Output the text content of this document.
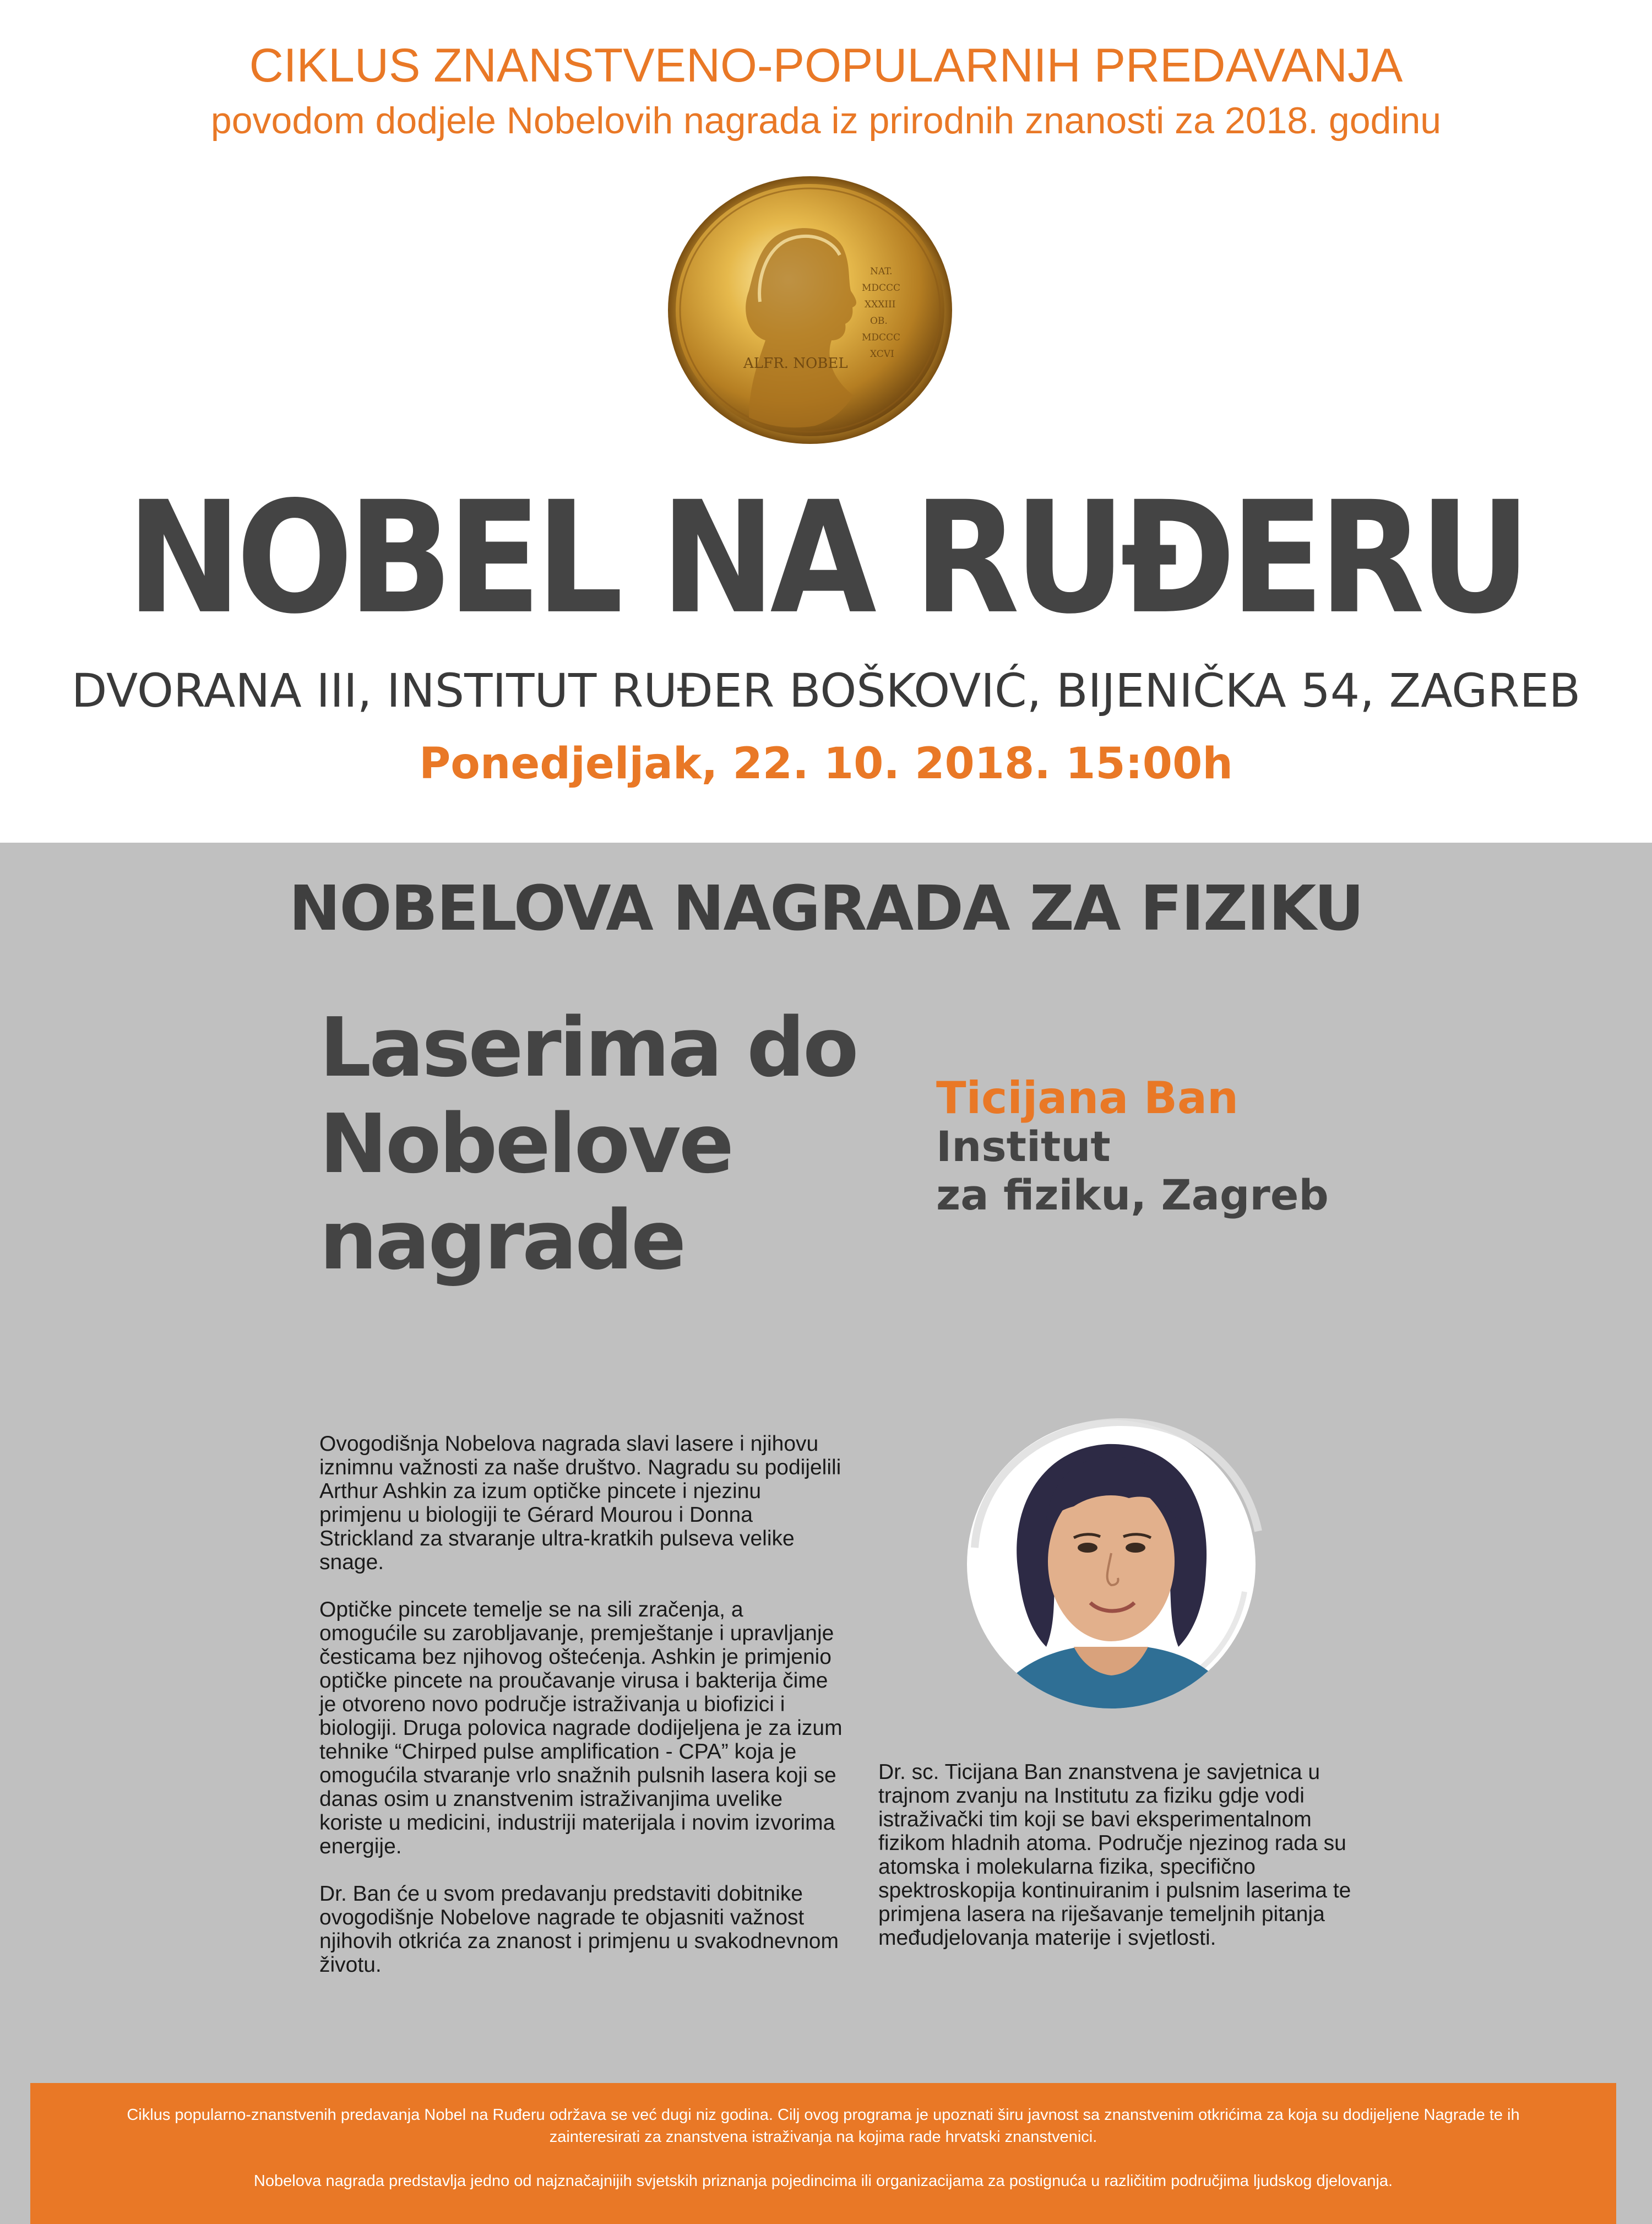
CIKLUS ZNANSTVENO-POPULARNIH PREDAVANJA
povodom dodjele Nobelovih nagrada iz prirodnih znanosti za 2018. godinu
ALFR. NOBEL
NAT. MDCCC XXXIII OB. MDCCC XCVI
NOBEL NA RUĐERU
DVORANA III, INSTITUT RUĐER BOŠKOVIĆ, BIJENIČKA 54, ZAGREB
Ponedjeljak, 22. 10. 2018. 15:00h
NOBELOVA NAGRADA ZA FIZIKU
Laserima do
Nobelove
nagrade
Ticijana Ban
Institut
za fiziku, Zagreb

Ovogodišnja Nobelova nagrada slavi lasere i njihovu iznimnu važnosti za naše društvo. Nagradu su podijelili Arthur Ashkin za izum optičke pincete i njezinu primjenu u biologiji te Gérard Mourou i Donna Strickland za stvaranje ultra-kratkih pulseva velike snage.

Optičke pincete temelje se na sili zračenja, a omogućile su zarobljavanje, premještanje i upravljanje česticama bez njihovog oštećenja. Ashkin je primjenio optičke pincete na proučavanje virusa i bakterija čime je otvoreno novo područje istraživanja u biofizici i biologiji. Druga polovica nagrade dodijeljena je za izum tehnike “Chirped pulse amplification - CPA” koja je omogućila stvaranje vrlo snažnih pulsnih lasera koji se danas osim u znanstvenim istraživanjima uvelike koriste u medicini, industriji materijala i novim izvorima energije.

Dr. Ban će u svom predavanju predstaviti dobitnike ovogodišnje Nobelove nagrade te objasniti važnost njihovih otkrića za znanost i primjenu u svakodnevnom životu.

Dr. sc. Ticijana Ban znanstvena je savjetnica u trajnom zvanju na Institutu za fiziku gdje vodi istraživački tim koji se bavi eksperimentalnom fizikom hladnih atoma. Područje njezinog rada su atomska i molekularna fizika, specifično spektroskopija kontinuiranim i pulsnim laserima te primjena lasera na riješavanje temeljnih pitanja međudjelovanja materije i svjetlosti.

Ciklus popularno-znanstvenih predavanja Nobel na Ruđeru održava se već dugi niz godina. Cilj ovog programa je upoznati širu javnost sa znanstvenim otkrićima za koja su dodijeljene Nagrade te ih zainteresirati za znanstvena istraživanja na kojima rade hrvatski znanstvenici.

Nobelova nagrada predstavlja jedno od najznačajnijih svjetskih priznanja pojedincima ili organizacijama za postignuća u različitim područjima ljudskog djelovanja.
